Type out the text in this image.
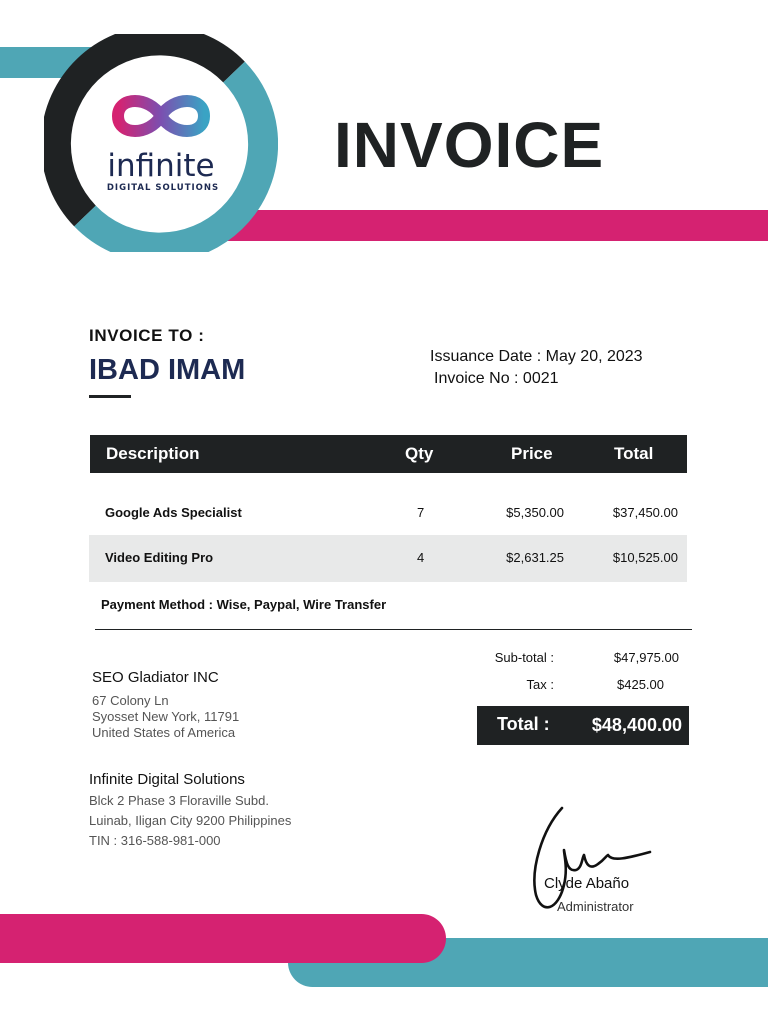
infinite
DIGITAL SOLUTIONS
INVOICE
INVOICE TO :
IBAD IMAM	Issuance Date : May 20, 2023
Invoice No : 0021
Description	Qty	Price	Total
Google Ads Specialist	7	$5,350.00	$37,450.00
Video Editing Pro	4	$2,631.25	$10,525.00
Payment Method : Wise, Paypal, Wire Transfer
Sub-total :	$47,975.00
Tax :	$425.00
Total : $48,400.00
SEO Gladiator INC
67 Colony Ln
Syosset New York, 11791
United States of America
Infinite Digital Solutions
Blck 2 Phase 3 Floraville Subd.
Luinab, Iligan City 9200 Philippines
TIN : 316-588-981-000
Clyde Abaño
Administrator
